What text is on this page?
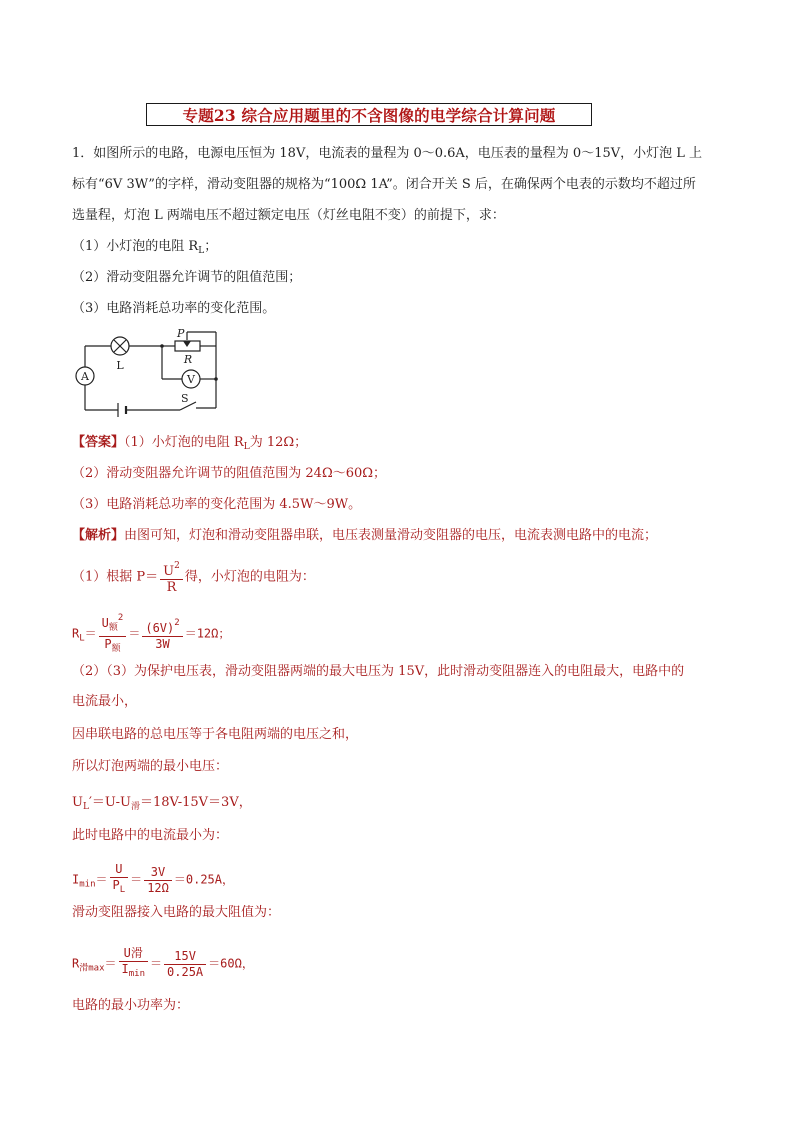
专题23 综合应用题里的不含图像的电学综合计算问题
1．如图所示的电路，电源电压恒为 18V，电流表的量程为 0～0.6A，电压表的量程为 0～15V，小灯泡 L 上
标有“6V 3W”的字样，滑动变阻器的规格为“100Ω 1A”。闭合开关 S 后，在确保两个电表的示数均不超过所
选量程，灯泡 L 两端电压不超过额定电压（灯丝电阻不变）的前提下，求：
（1）小灯泡的电阻 $R_L$；
（2）滑动变阻器允许调节的阻值范围；
（3）电路消耗总功率的变化范围。
A	V
L
P
R
S
【答案】（1）小灯泡的电阻 $R_L$为 12Ω；
（2）滑动变阻器允许调节的阻值范围为 24Ω～60Ω；
（3）电路消耗总功率的变化范围为 4.5W～9W。
【解析】由图可知，灯泡和滑动变阻器串联，电压表测量滑动变阻器的电压，电流表测电路中的电流；
（1）根据 $P= \frac{U^2}{R}$ 得，小灯泡的电阻为：
$R_L= \frac{U_额^2}{P_额} = \frac{(6V)^2}{3W} =12\Omega$；
（2）（3）为保护电压表，滑动变阻器两端的最大电压为 15V，此时滑动变阻器连入的电阻最大，电路中的
电流最小，
因串联电路的总电压等于各电阻两端的电压之和，
所以灯泡两端的最小电压：
$U_L'=U-U_滑=18V-15V=3V$，
此时电路中的电流最小为：
$I_{min}= \frac{U}{P_L} = \frac{3V}{12\Omega} =0.25A$，
滑动变阻器接入电路的最大阻值为：
$R_{滑max}= \frac{\text{U滑}}{I_{min}} = \frac{15V}{0.25A} =60\Omega$，
电路的最小功率为：
